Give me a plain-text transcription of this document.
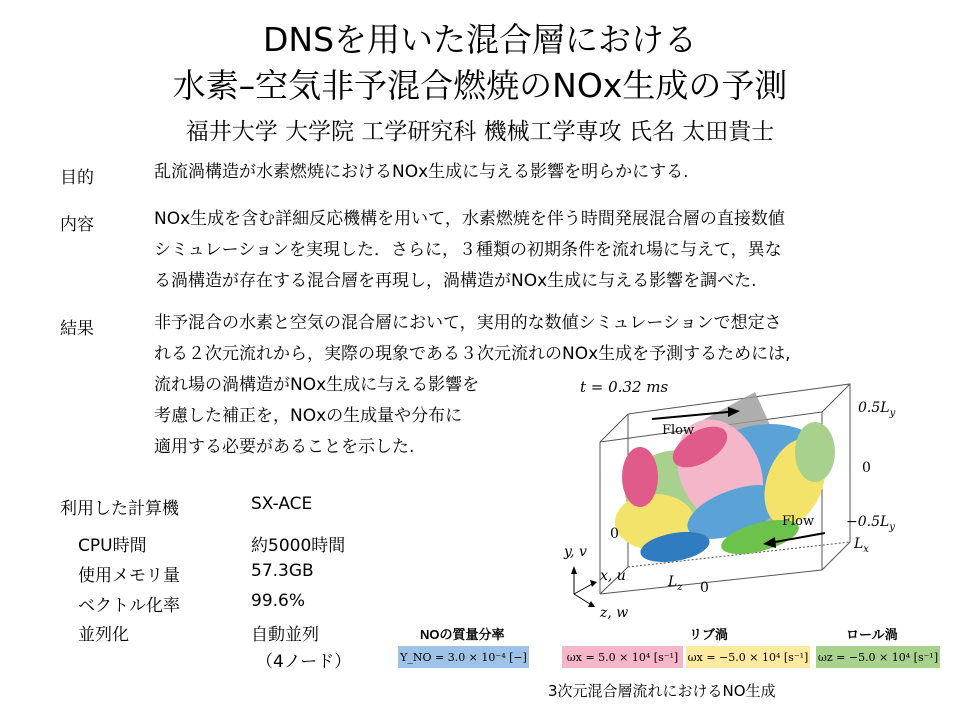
DNSを用いた混合層における
水素–空気非予混合燃焼のNOx生成の予測
福井大学 大学院 工学研究科 機械工学専攻 氏名 太田貴士
目的	乱流渦構造が水素燃焼におけるNOx生成に与える影響を明らかにする.
内容	NOx生成を含む詳細反応機構を用いて，水素燃焼を伴う時間発展混合層の直接数値
シミュレーションを実現した．さらに，３種類の初期条件を流れ場に与えて，異な
る渦構造が存在する混合層を再現し，渦構造がNOx生成に与える影響を調べた.
結果	非予混合の水素と空気の混合層において，実用的な数値シミュレーションで想定さ
れる２次元流れから，実際の現象である３次元流れのNOx生成を予測するためには,
流れ場の渦構造がNOx生成に与える影響を
考慮した補正を，NOxの生成量や分布に
適用する必要があることを示した.
利用した計算機	SX-ACE
CPU時間	約5000時間
使用メモリ量	57.3GB
ベクトル化率	99.6%
並列化	自動並列
（4ノード）
t = 0.32 ms
Flow
Flow
$0.5L_y$
0
$-0.5L_y$
0
$L_x$
$L_z$ 0
y, v
x, u
z, w
NOの質量分率	リブ渦	ロール渦
Y_NO = 3.0 × 10⁻⁴ [−]	ωx = 5.0 × 10⁴ [s⁻¹] ωx = −5.0 × 10⁴ [s⁻¹] ωz = −5.0 × 10⁴ [s⁻¹]
3次元混合層流れにおけるNO生成
